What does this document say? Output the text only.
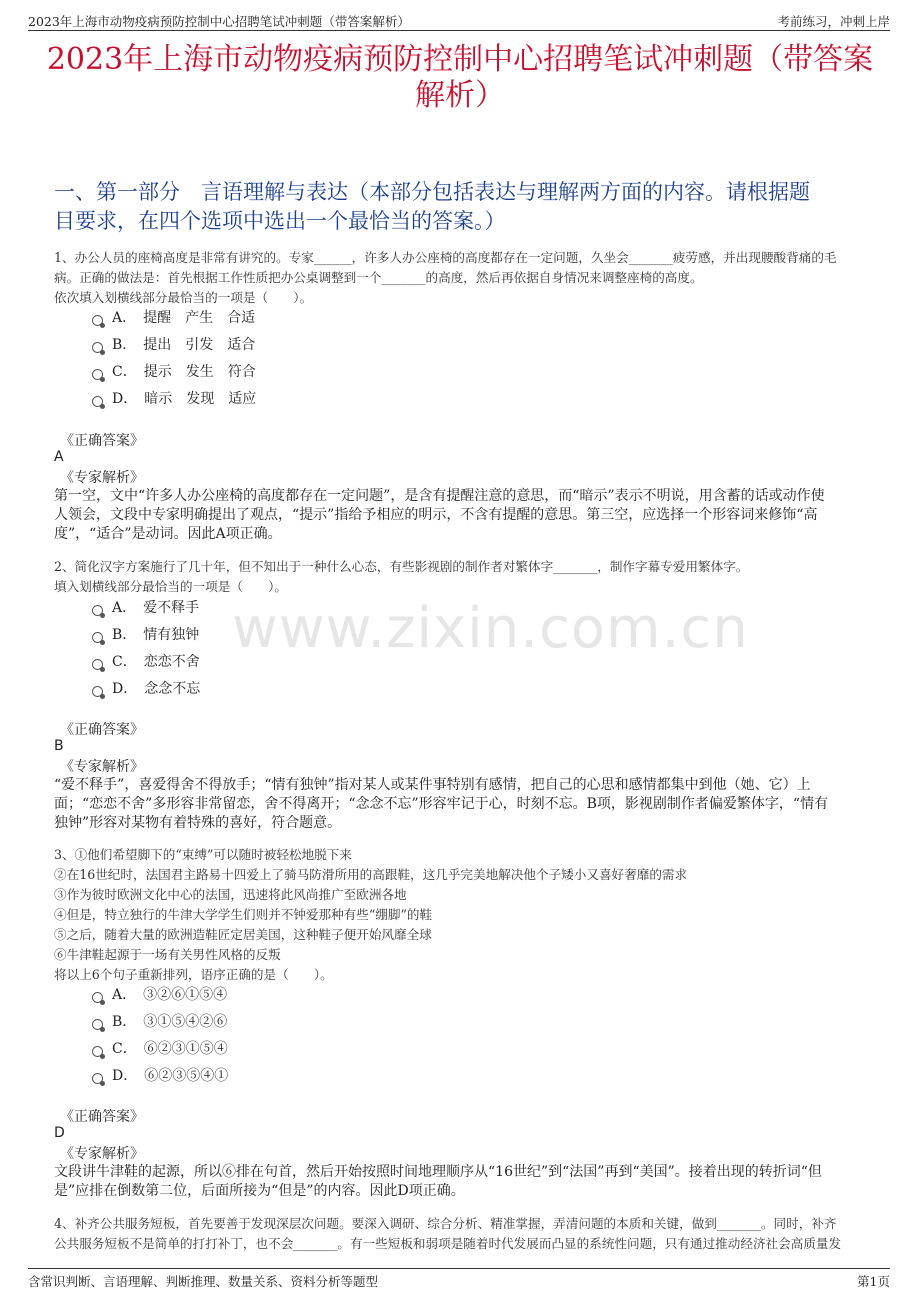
2023年上海市动物疫病预防控制中心招聘笔试冲刺题（带答案解析）	考前练习，冲刺上岸
2023年上海市动物疫病预防控制中心招聘笔试冲刺题（带答案
解析）
一、第一部分　言语理解与表达（本部分包括表达与理解两方面的内容。请根据题
目要求，在四个选项中选出一个最恰当的答案。）
www.zixin.com.cn

1、办公人员的座椅高度是非常有讲究的。专家______，许多人办公座椅的高度都存在一定问题，久坐会_______疲劳感，并出现腰酸背痛的毛

病。正确的做法是：首先根据工作性质把办公桌调整到一个_______的高度，然后再依据自身情况来调整座椅的高度。

依次填入划横线部分最恰当的一项是（　　）。

A．　提醒　产生　合适
B．　提出　引发　适合
C．　提示　发生　符合
D．　暗示　发现　适应
《正确答案》
A
《专家解析》
第一空，文中“许多人办公座椅的高度都存在一定问题”，是含有提醒注意的意思，而“暗示”表示不明说，用含蓄的话或动作使
人领会，文段中专家明确提出了观点，“提示”指给予相应的明示，不含有提醒的意思。第三空，应选择一个形容词来修饰“高
度”，“适合”是动词。因此A项正确。

2、简化汉字方案施行了几十年，但不知出于一种什么心态，有些影视剧的制作者对繁体字_______，制作字幕专爱用繁体字。

填入划横线部分最恰当的一项是（　　）。

A．　爱不释手
B．　情有独钟
C．　恋恋不舍
D．　念念不忘
《正确答案》
B
《专家解析》
“爱不释手”，喜爱得舍不得放手；“情有独钟”指对某人或某件事特别有感情，把自己的心思和感情都集中到他（她、它）上
面；“恋恋不舍”多形容非常留恋，舍不得离开；“念念不忘”形容牢记于心，时刻不忘。B项，影视剧制作者偏爱繁体字，“情有
独钟”形容对某物有着特殊的喜好，符合题意。

3、①他们希望脚下的“束缚”可以随时被轻松地脱下来

②在16世纪时，法国君主路易十四爱上了骑马防滑所用的高跟鞋，这几乎完美地解决他个子矮小又喜好奢靡的需求

③作为彼时欧洲文化中心的法国，迅速将此风尚推广至欧洲各地

④但是，特立独行的牛津大学学生们则并不钟爱那种有些“绷脚”的鞋

⑤之后，随着大量的欧洲造鞋匠定居美国，这种鞋子便开始风靡全球

⑥牛津鞋起源于一场有关男性风格的反叛

将以上6个句子重新排列，语序正确的是（　　）。

A．　③②⑥①⑤④
B．　③①⑤④②⑥
C．　⑥②③①⑤④
D．　⑥②③⑤④①
《正确答案》
D
《专家解析》
文段讲牛津鞋的起源，所以⑥排在句首，然后开始按照时间地理顺序从“16世纪”到“法国”再到“美国”。接着出现的转折词“但
是”应排在倒数第二位，后面所接为“但是”的内容。因此D项正确。

4、补齐公共服务短板，首先要善于发现深层次问题。要深入调研、综合分析、精准掌握，弄清问题的本质和关键，做到_______。同时，补齐

公共服务短板不是简单的打打补丁，也不会_______。有一些短板和弱项是随着时代发展而凸显的系统性问题，只有通过推动经济社会高质量发

含常识判断、言语理解、判断推理、数量关系、资料分析等题型	第1页
